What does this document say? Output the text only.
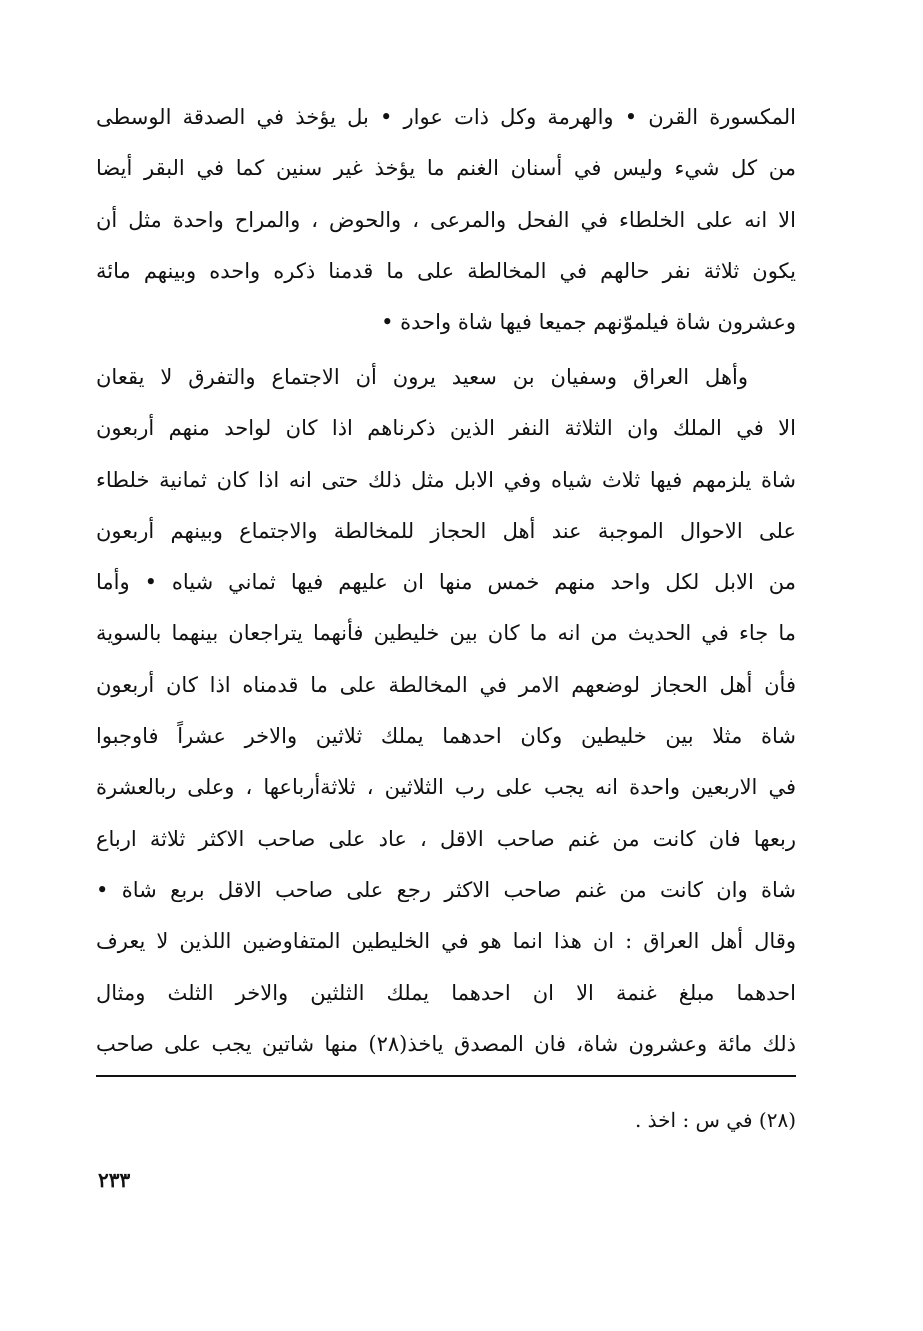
المكسورة القرن • والهرمة وكل ذات عوار • بل يؤخذ في الصدقة الوسطى
من كل شيء وليس في أسنان الغنم ما يؤخذ غير سنين كما في البقر أيضا
الا انه على الخلطاء في الفحل والمرعى ، والحوض ، والمراح واحدة مثل أن
يكون ثلاثة نفر حالهم في المخالطة على ما قدمنا ذكره واحده وبينهم مائة
وعشرون شاة فيلموّنهم جميعا فيها شاة واحدة •
وأهل العراق وسفيان بن سعيد يرون أن الاجتماع والتفرق لا يقعان
الا في الملك وان الثلاثة النفر الذين ذكرناهم اذا كان لواحد منهم أربعون
شاة يلزمهم فيها ثلاث شياه وفي الابل مثل ذلك حتى انه اذا كان ثمانية خلطاء
على الاحوال الموجبة عند أهل الحجاز للمخالطة والاجتماع وبينهم أربعون
من الابل لكل واحد منهم خمس منها ان عليهم فيها ثماني شياه • وأما
ما جاء في الحديث من انه ما كان بين خليطين فأنهما يتراجعان بينهما بالسوية
فأن أهل الحجاز لوضعهم الامر في المخالطة على ما قدمناه اذا كان أربعون
شاة مثلا بين خليطين وكان احدهما يملك ثلاثين والاخر عشراً فاوجبوا
في الاربعين واحدة انه يجب على رب الثلاثين ، ثلاثةأرباعها ، وعلى ربالعشرة
ربعها فان كانت من غنم صاحب الاقل ، عاد على صاحب الاكثر ثلاثة ارباع
شاة وان كانت من غنم صاحب الاكثر رجع على صاحب الاقل بربع شاة •
وقال أهل العراق : ان هذا انما هو في الخليطين المتفاوضين اللذين لا يعرف
احدهما مبلغ غنمة الا ان احدهما يملك الثلثين والاخر الثلث ومثال
ذلك مائة وعشرون شاة، فان المصدق ياخذ(٢٨) منها شاتين يجب على صاحب
(٢٨) في س : اخذ .
٢٣٣
